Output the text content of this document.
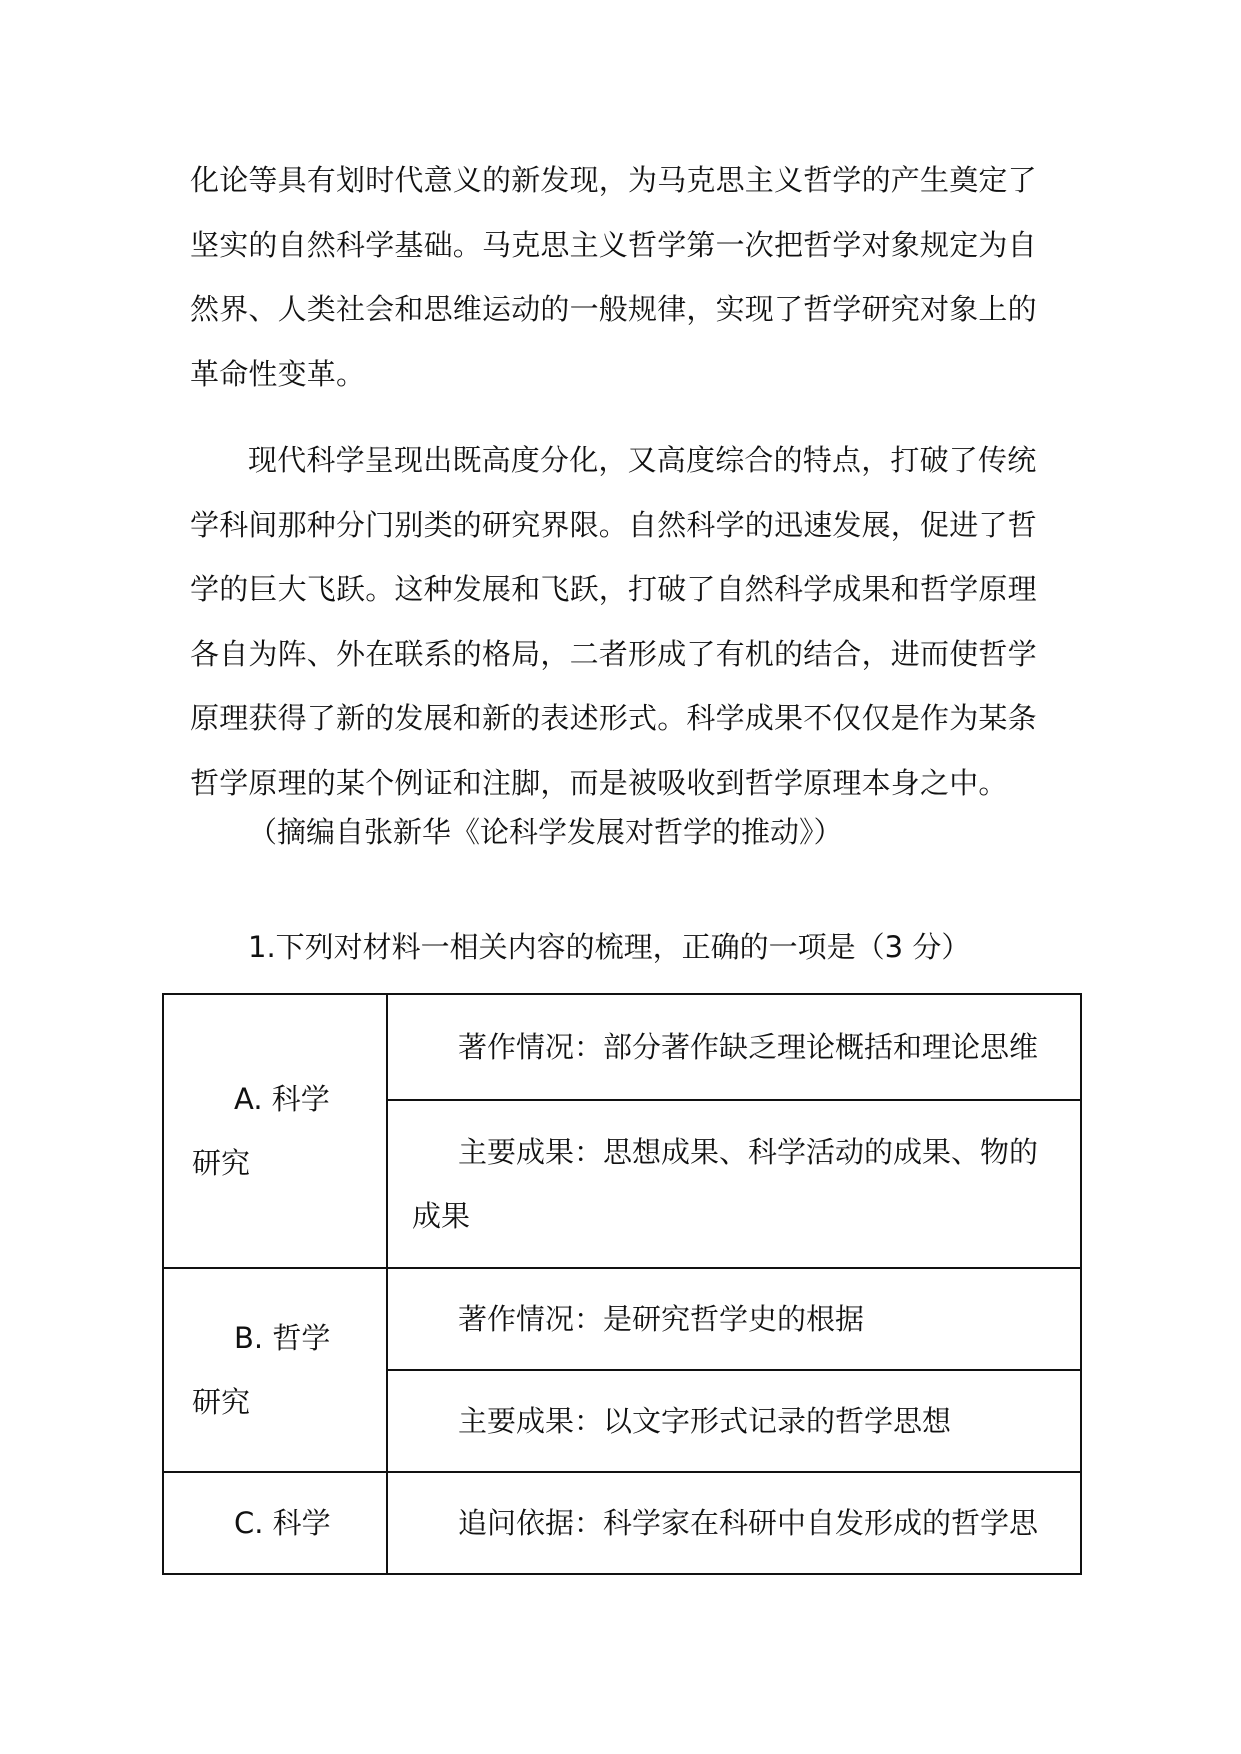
化论等具有划时代意义的新发现，为马克思主义哲学的产生奠定了
坚实的自然科学基础。马克思主义哲学第一次把哲学对象规定为自
然界、人类社会和思维运动的一般规律，实现了哲学研究对象上的
革命性变革。
现代科学呈现出既高度分化，又高度综合的特点，打破了传统
学科间那种分门别类的研究界限。自然科学的迅速发展，促进了哲
学的巨大飞跃。这种发展和飞跃，打破了自然科学成果和哲学原理
各自为阵、外在联系的格局，二者形成了有机的结合，进而使哲学
原理获得了新的发展和新的表述形式。科学成果不仅仅是作为某条
哲学原理的某个例证和注脚，而是被吸收到哲学原理本身之中。
（摘编自张新华《论科学发展对哲学的推动》）
1.下列对材料一相关内容的梳理，正确的一项是（3 分）
A. 科学
研究	著作情况：部分著作缺乏理论概括和理论思维

	主要成果：思想成果、科学活动的成果、物的
成果

B. 哲学
研究	著作情况：是研究哲学史的根据

	主要成果：以文字形式记录的哲学思想

C. 科学	追问依据：科学家在科研中自发形成的哲学思
